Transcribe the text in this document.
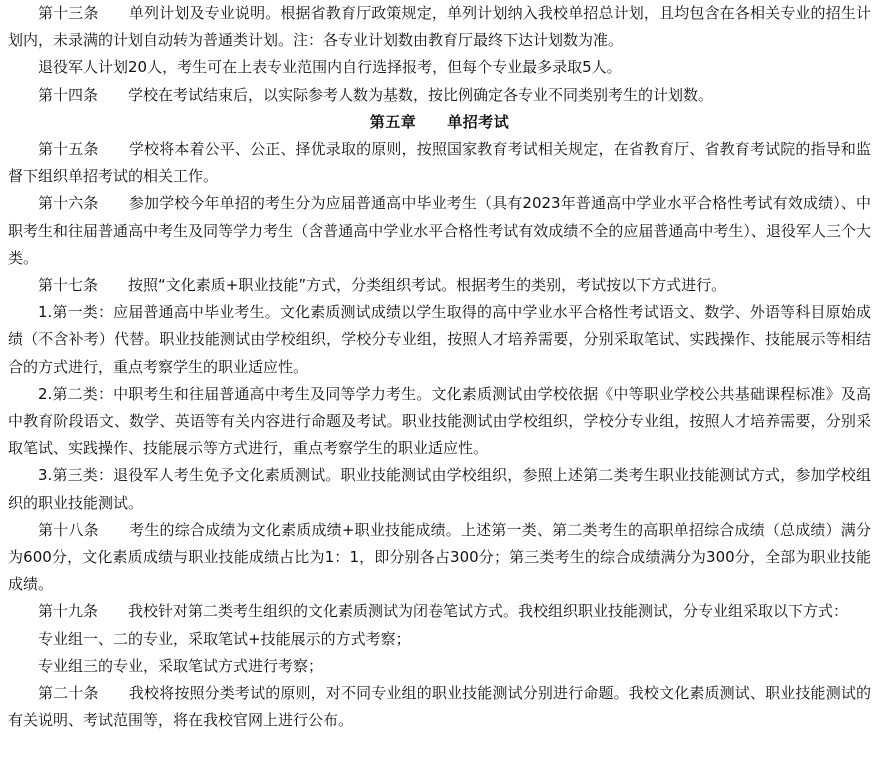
第十三条　　单列计划及专业说明。根据省教育厅政策规定，单列计划纳入我校单招总计划，且均包含在各相关专业的招生计划内，未录满的计划自动转为普通类计划。注：各专业计划数由教育厅最终下达计划数为准。

退役军人计划20人，考生可在上表专业范围内自行选择报考，但每个专业最多录取5人。

第十四条　　学校在考试结束后，以实际参考人数为基数，按比例确定各专业不同类别考生的计划数。

第五章　　单招考试

第十五条　　学校将本着公平、公正、择优录取的原则，按照国家教育考试相关规定，在省教育厅、省教育考试院的指导和监督下组织单招考试的相关工作。

第十六条　　参加学校今年单招的考生分为应届普通高中毕业考生（具有2023年普通高中学业水平合格性考试有效成绩）、中职考生和往届普通高中考生及同等学力考生（含普通高中学业水平合格性考试有效成绩不全的应届普通高中考生）、退役军人三个大类。

第十七条　　按照“文化素质+职业技能”方式，分类组织考试。根据考生的类别，考试按以下方式进行。

1.第一类：应届普通高中毕业考生。文化素质测试成绩以学生取得的高中学业水平合格性考试语文、数学、外语等科目原始成绩（不含补考）代替。职业技能测试由学校组织，学校分专业组，按照人才培养需要，分别采取笔试、实践操作、技能展示等相结合的方式进行，重点考察学生的职业适应性。

2.第二类：中职考生和往届普通高中考生及同等学力考生。文化素质测试由学校依据《中等职业学校公共基础课程标准》及高中教育阶段语文、数学、英语等有关内容进行命题及考试。职业技能测试由学校组织，学校分专业组，按照人才培养需要，分别采取笔试、实践操作、技能展示等方式进行，重点考察学生的职业适应性。

3.第三类：退役军人考生免予文化素质测试。职业技能测试由学校组织，参照上述第二类考生职业技能测试方式，参加学校组织的职业技能测试。

第十八条　　考生的综合成绩为文化素质成绩+职业技能成绩。上述第一类、第二类考生的高职单招综合成绩（总成绩）满分为600分，文化素质成绩与职业技能成绩占比为1：1，即分别各占300分；第三类考生的综合成绩满分为300分，全部为职业技能成绩。

第十九条　　我校针对第二类考生组织的文化素质测试为闭卷笔试方式。我校组织职业技能测试，分专业组采取以下方式：

专业组一、二的专业，采取笔试+技能展示的方式考察；

专业组三的专业，采取笔试方式进行考察；

第二十条　　我校将按照分类考试的原则，对不同专业组的职业技能测试分别进行命题。我校文化素质测试、职业技能测试的有关说明、考试范围等，将在我校官网上进行公布。
